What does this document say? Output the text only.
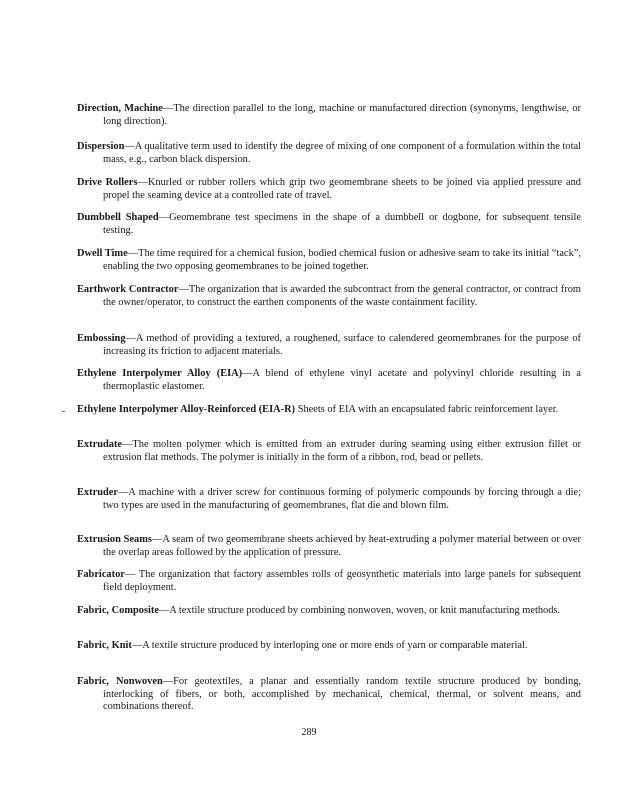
Direction, Machine—The direction parallel to the long, machine or manufactured direction (synonyms, lengthwise, or long direction).
Dispersion—A qualitative term used to identify the degree of mixing of one component of a formulation within the total mass, e.g., carbon black dispersion.
Drive Rollers—Knurled or rubber rollers which grip two geomembrane sheets to be joined via applied pressure and propel the seaming device at a controlled rate of travel.
Dumbbell Shaped—Geomembrane test specimens in the shape of a dumbbell or dogbone, for subsequent tensile testing.
Dwell Time—The time required for a chemical fusion, bodied chemical fusion or adhesive seam to take its initial “tack”, enabling the two opposing geomembranes to be joined together.
Earthwork Contractor—The organization that is awarded the subcontract from the general contractor, or contract from the owner/operator, to construct the earthen components of the waste containment facility.
Embossing—A method of providing a textured, a roughened, surface to calendered geomembranes for the purpose of increasing its friction to adjacent materials.
Ethylene Interpolymer Alloy (EIA)—A blend of ethylene vinyl acetate and polyvinyl chloride resulting in a thermoplastic elastomer.
- Ethylene Interpolymer Alloy-Reinforced (EIA-R) Sheets of EIA with an encapsulated fabric reinforcement layer.
Extrudate—The molten polymer which is emitted from an extruder during seaming using either extrusion fillet or extrusion flat methods. The polymer is initially in the form of a ribbon, rod, bead or pellets.
Extruder—A machine with a driver screw for continuous forming of polymeric compounds by forcing through a die; two types are used in the manufacturing of geomembranes, flat die and blown film.
Extrusion Seams—A seam of two geomembrane sheets achieved by heat-extruding a polymer material between or over the overlap areas followed by the application of pressure.
Fabricator— The organization that factory assembles rolls of geosynthetic materials into large panels for subsequent field deployment.
Fabric, Composite—A textile structure produced by combining nonwoven, woven, or knit manufacturing methods.
Fabric, Knit—A textile structure produced by interloping one or more ends of yarn or comparable material.
Fabric, Nonwoven—For geotextiles, a planar and essentially random textile structure produced by bonding, interlocking of fibers, or both, accomplished by mechanical, chemical, thermal, or solvent means, and combinations thereof.
289
